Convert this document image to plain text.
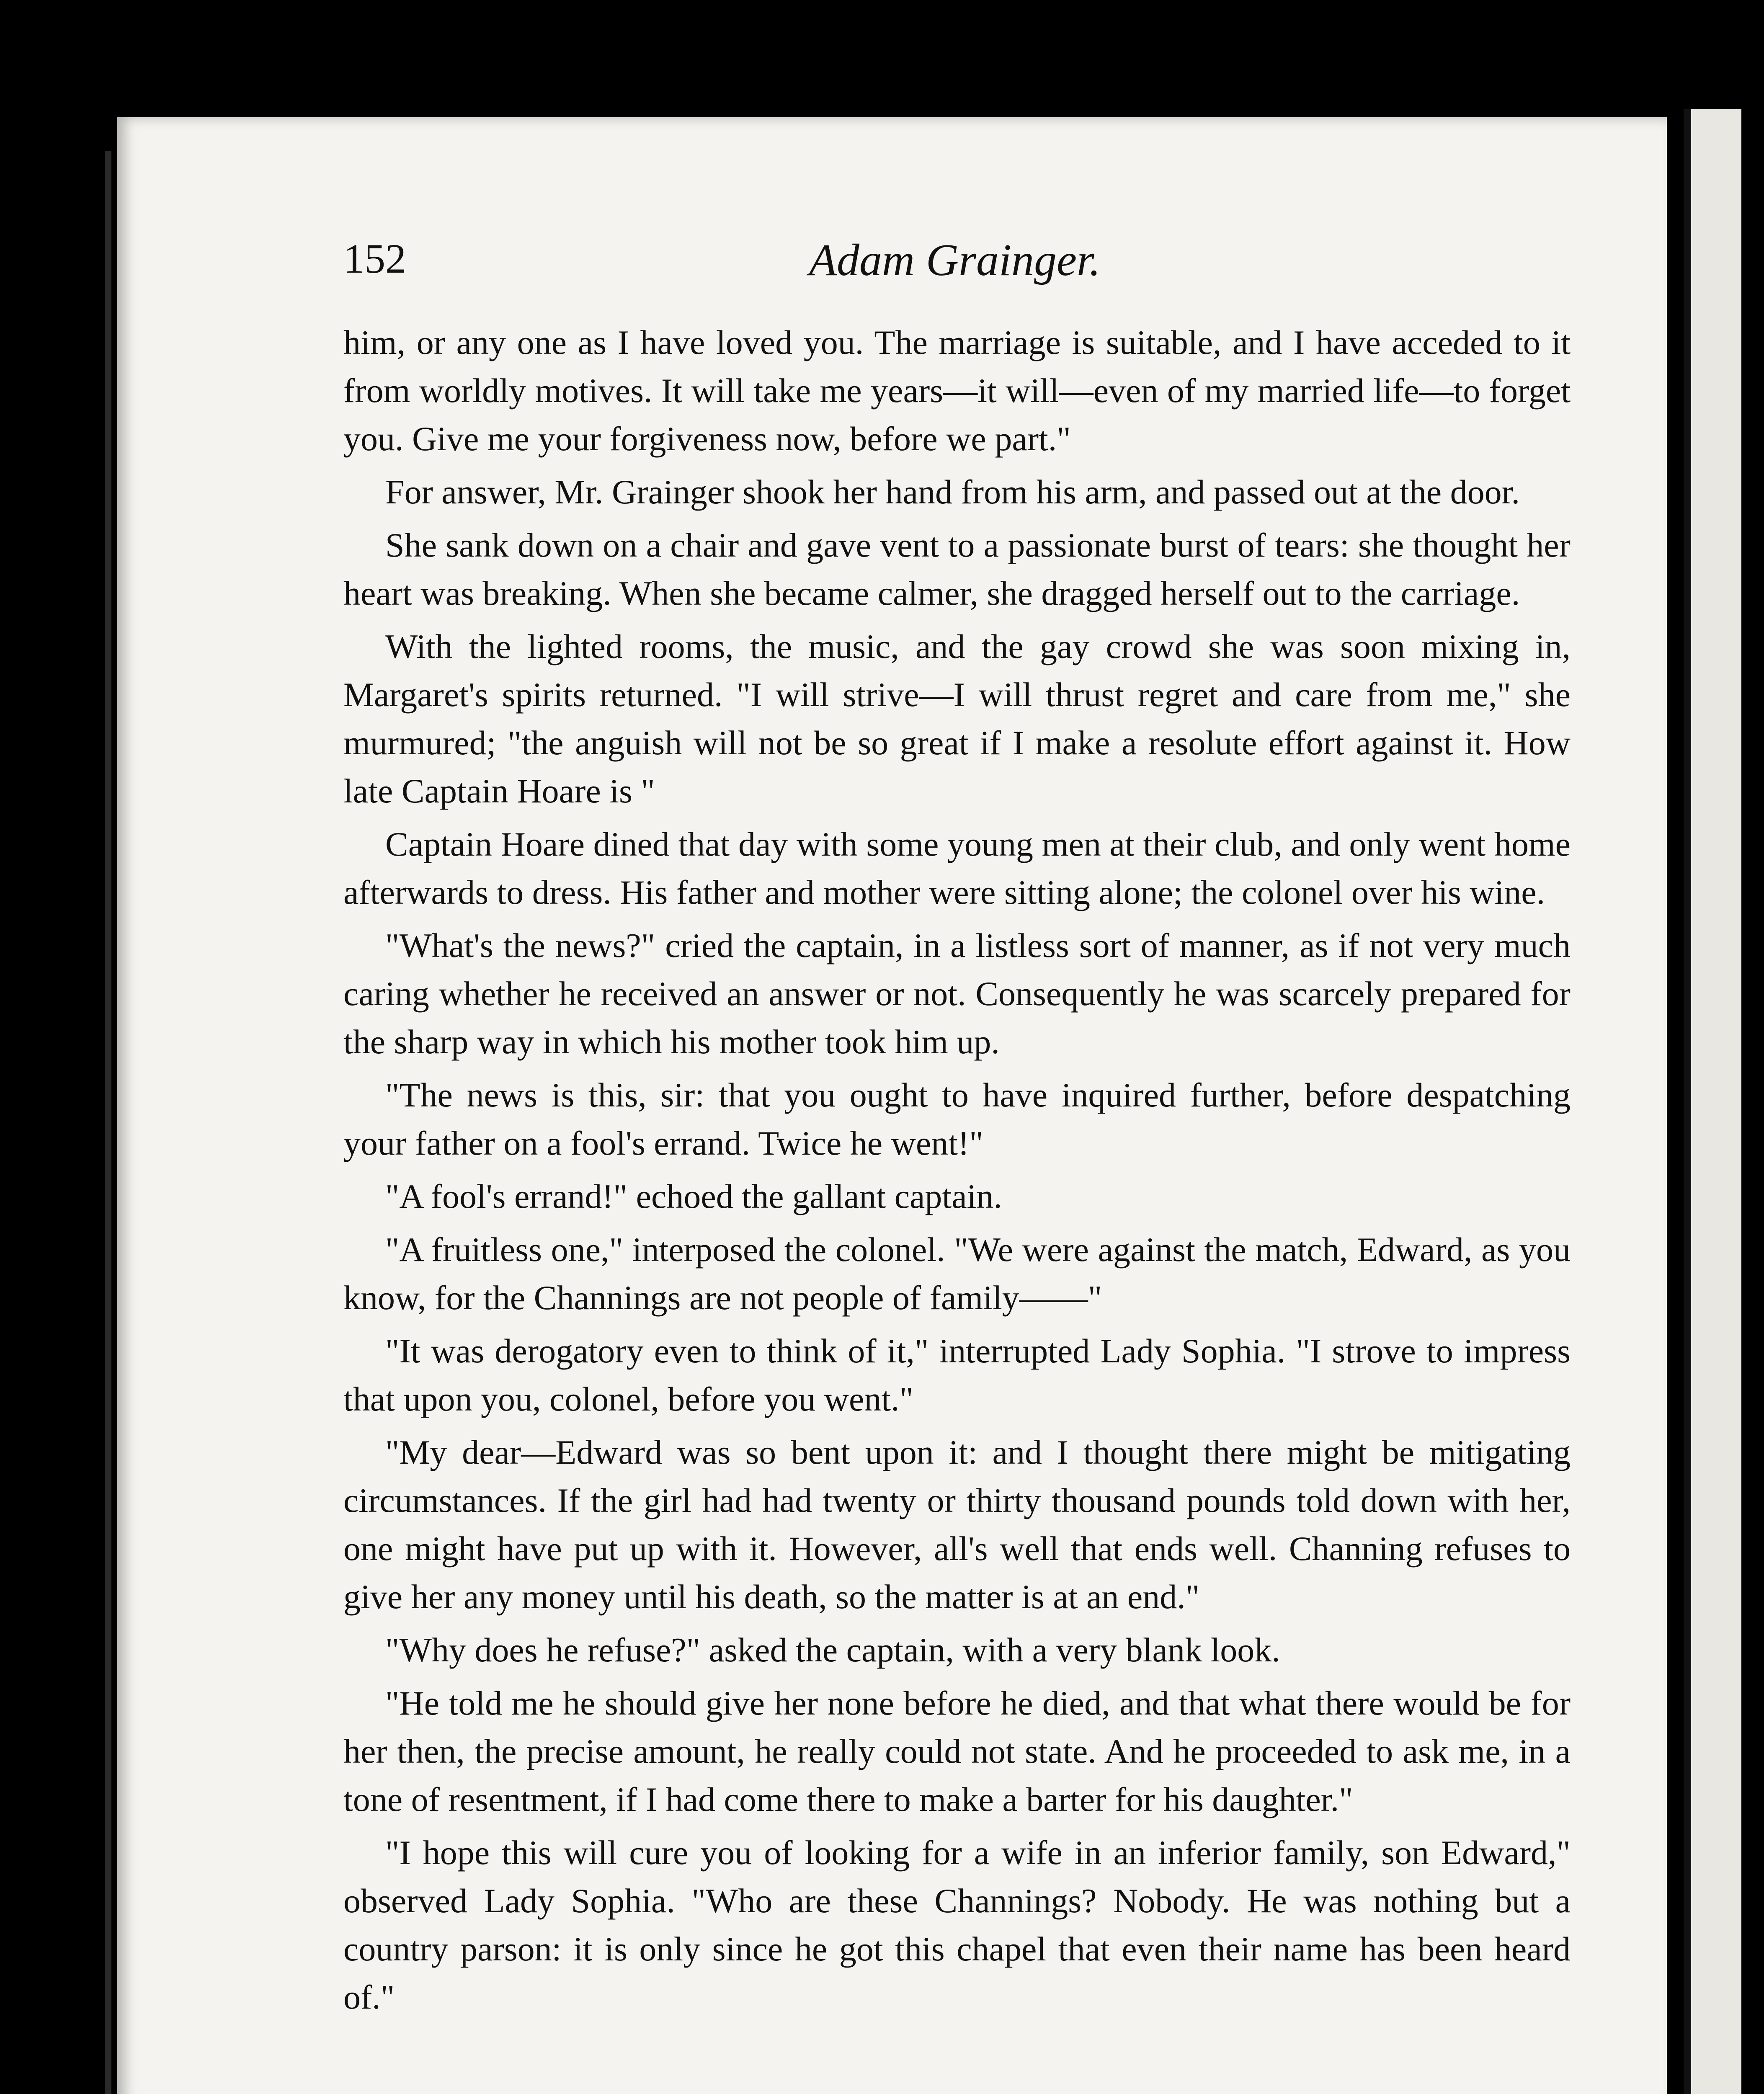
152	Adam Grainger.

him, or any one as I have loved you. The marriage is suitable, and I have acceded to it from worldly motives. It will take me years—it will—even of my married life—to forget you. Give me your forgiveness now, before we part."

For answer, Mr. Grainger shook her hand from his arm, and passed out at the door.

She sank down on a chair and gave vent to a passionate burst of tears: she thought her heart was breaking. When she became calmer, she dragged herself out to the carriage.

With the lighted rooms, the music, and the gay crowd she was soon mixing in, Margaret's spirits returned. "I will strive—I will thrust regret and care from me," she murmured; "the anguish will not be so great if I make a resolute effort against it. How late Captain Hoare is "

Captain Hoare dined that day with some young men at their club, and only went home afterwards to dress. His father and mother were sitting alone; the colonel over his wine.

"What's the news?" cried the captain, in a listless sort of manner, as if not very much caring whether he received an answer or not. Consequently he was scarcely prepared for the sharp way in which his mother took him up.

"The news is this, sir: that you ought to have inquired further, before despatching your father on a fool's errand. Twice he went!"

"A fool's errand!" echoed the gallant captain.

"A fruitless one," interposed the colonel. "We were against the match, Edward, as you know, for the Channings are not people of family——"

"It was derogatory even to think of it," interrupted Lady Sophia. "I strove to impress that upon you, colonel, before you went."

"My dear—Edward was so bent upon it: and I thought there might be mitigating circumstances. If the girl had had twenty or thirty thousand pounds told down with her, one might have put up with it. However, all's well that ends well. Channing refuses to give her any money until his death, so the matter is at an end."

"Why does he refuse?" asked the captain, with a very blank look.

"He told me he should give her none before he died, and that what there would be for her then, the precise amount, he really could not state. And he proceeded to ask me, in a tone of resentment, if I had come there to make a barter for his daughter."

"I hope this will cure you of looking for a wife in an inferior family, son Edward," observed Lady Sophia. "Who are these Channings? Nobody. He was nothing but a country parson: it is only since he got this chapel that even their name has been heard of."
